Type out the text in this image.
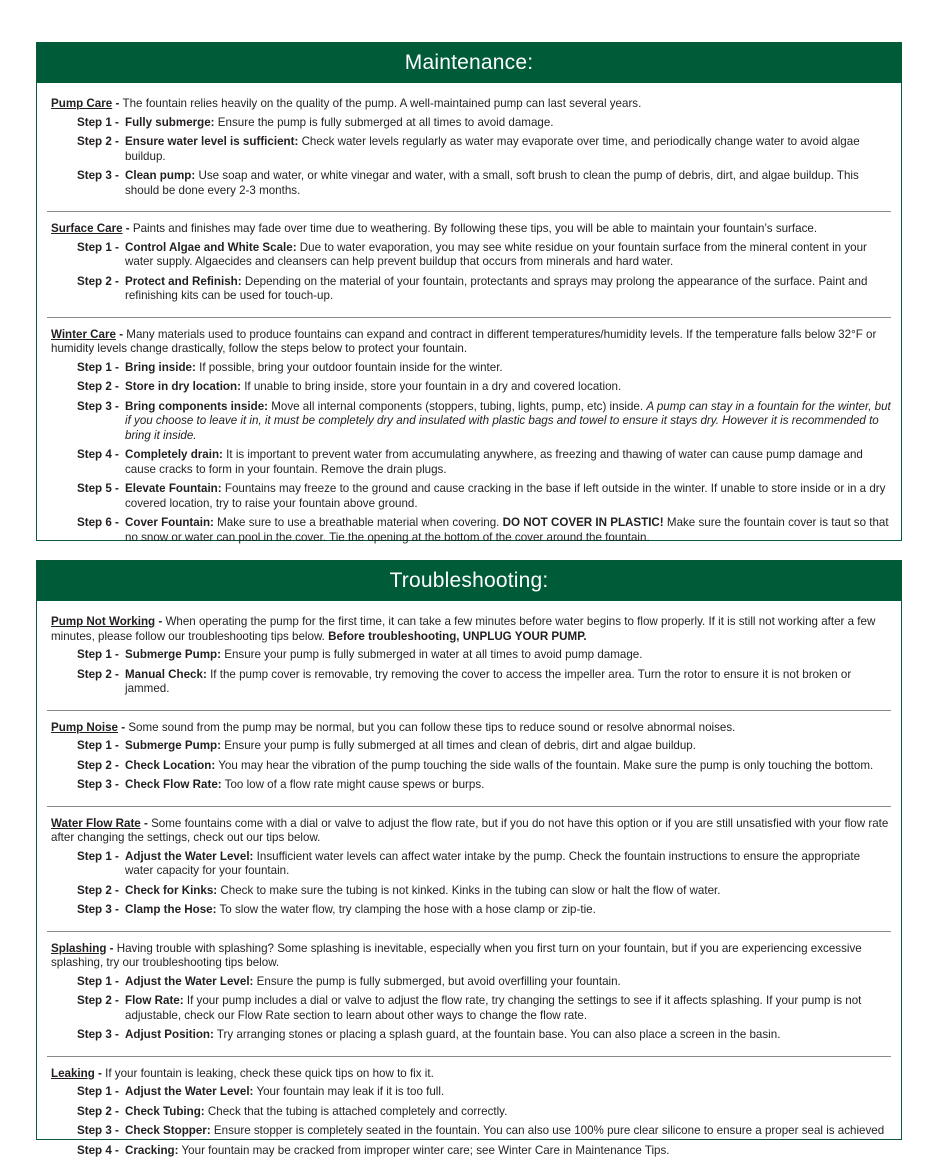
Maintenance:

Pump Care - The fountain relies heavily on the quality of the pump. A well-maintained pump can last several years.

Step 1 - Fully submerge: Ensure the pump is fully submerged at all times to avoid damage.
Step 2 - Ensure water level is sufficient: Check water levels regularly as water may evaporate over time, and periodically change water to avoid algae buildup.
Step 3 - Clean pump: Use soap and water, or white vinegar and water, with a small, soft brush to clean the pump of debris, dirt, and algae buildup. This should be done every 2-3 months.

Surface Care - Paints and finishes may fade over time due to weathering. By following these tips, you will be able to maintain your fountain’s surface.

Step 1 - Control Algae and White Scale: Due to water evaporation, you may see white residue on your fountain surface from the mineral content in your water supply. Algaecides and cleansers can help prevent buildup that occurs from minerals and hard water.
Step 2 - Protect and Refinish: Depending on the material of your fountain, protectants and sprays may prolong the appearance of the surface. Paint and refinishing kits can be used for touch-up.

Winter Care - Many materials used to produce fountains can expand and contract in different temperatures/humidity levels. If the temperature falls below 32°F or humidity levels change drastically, follow the steps below to protect your fountain.

Step 1 - Bring inside: If possible, bring your outdoor fountain inside for the winter.
Step 2 - Store in dry location: If unable to bring inside, store your fountain in a dry and covered location.
Step 3 - Bring components inside: Move all internal components (stoppers, tubing, lights, pump, etc) inside. A pump can stay in a fountain for the winter, but if you choose to leave it in, it must be completely dry and insulated with plastic bags and towel to ensure it stays dry. However it is recommended to bring it inside.
Step 4 - Completely drain: It is important to prevent water from accumulating anywhere, as freezing and thawing of water can cause pump damage and cause cracks to form in your fountain. Remove the drain plugs.
Step 5 - Elevate Fountain: Fountains may freeze to the ground and cause cracking in the base if left outside in the winter. If unable to store inside or in a dry covered location, try to raise your fountain above ground.
Step 6 - Cover Fountain: Make sure to use a breathable material when covering. DO NOT COVER IN PLASTIC! Make sure the fountain cover is taut so that no snow or water can pool in the cover. Tie the opening at the bottom of the cover around the fountain.
Troubleshooting:

Pump Not Working - When operating the pump for the first time, it can take a few minutes before water begins to flow properly. If it is still not working after a few minutes, please follow our troubleshooting tips below. Before troubleshooting, UNPLUG YOUR PUMP.

Step 1 - Submerge Pump: Ensure your pump is fully submerged in water at all times to avoid pump damage.
Step 2 - Manual Check: If the pump cover is removable, try removing the cover to access the impeller area. Turn the rotor to ensure it is not broken or jammed.

Pump Noise - Some sound from the pump may be normal, but you can follow these tips to reduce sound or resolve abnormal noises.

Step 1 - Submerge Pump: Ensure your pump is fully submerged at all times and clean of debris, dirt and algae buildup.
Step 2 - Check Location: You may hear the vibration of the pump touching the side walls of the fountain. Make sure the pump is only touching the bottom.
Step 3 - Check Flow Rate: Too low of a flow rate might cause spews or burps.

Water Flow Rate - Some fountains come with a dial or valve to adjust the flow rate, but if you do not have this option or if you are still unsatisfied with your flow rate after changing the settings, check out our tips below.

Step 1 - Adjust the Water Level: Insufficient water levels can affect water intake by the pump. Check the fountain instructions to ensure the appropriate water capacity for your fountain.
Step 2 - Check for Kinks: Check to make sure the tubing is not kinked. Kinks in the tubing can slow or halt the flow of water.
Step 3 - Clamp the Hose: To slow the water flow, try clamping the hose with a hose clamp or zip-tie.

Splashing - Having trouble with splashing? Some splashing is inevitable, especially when you first turn on your fountain, but if you are experiencing excessive splashing, try our troubleshooting tips below.

Step 1 - Adjust the Water Level: Ensure the pump is fully submerged, but avoid overfilling your fountain.
Step 2 - Flow Rate: If your pump includes a dial or valve to adjust the flow rate, try changing the settings to see if it affects splashing. If your pump is not adjustable, check our Flow Rate section to learn about other ways to change the flow rate.
Step 3 - Adjust Position: Try arranging stones or placing a splash guard, at the fountain base. You can also place a screen in the basin.

Leaking - If your fountain is leaking, check these quick tips on how to fix it.

Step 1 - Adjust the Water Level: Your fountain may leak if it is too full.
Step 2 - Check Tubing: Check that the tubing is attached completely and correctly.
Step 3 - Check Stopper: Ensure stopper is completely seated in the fountain. You can also use 100% pure clear silicone to ensure a proper seal is achieved
Step 4 - Cracking: Your fountain may be cracked from improper winter care; see Winter Care in Maintenance Tips.
